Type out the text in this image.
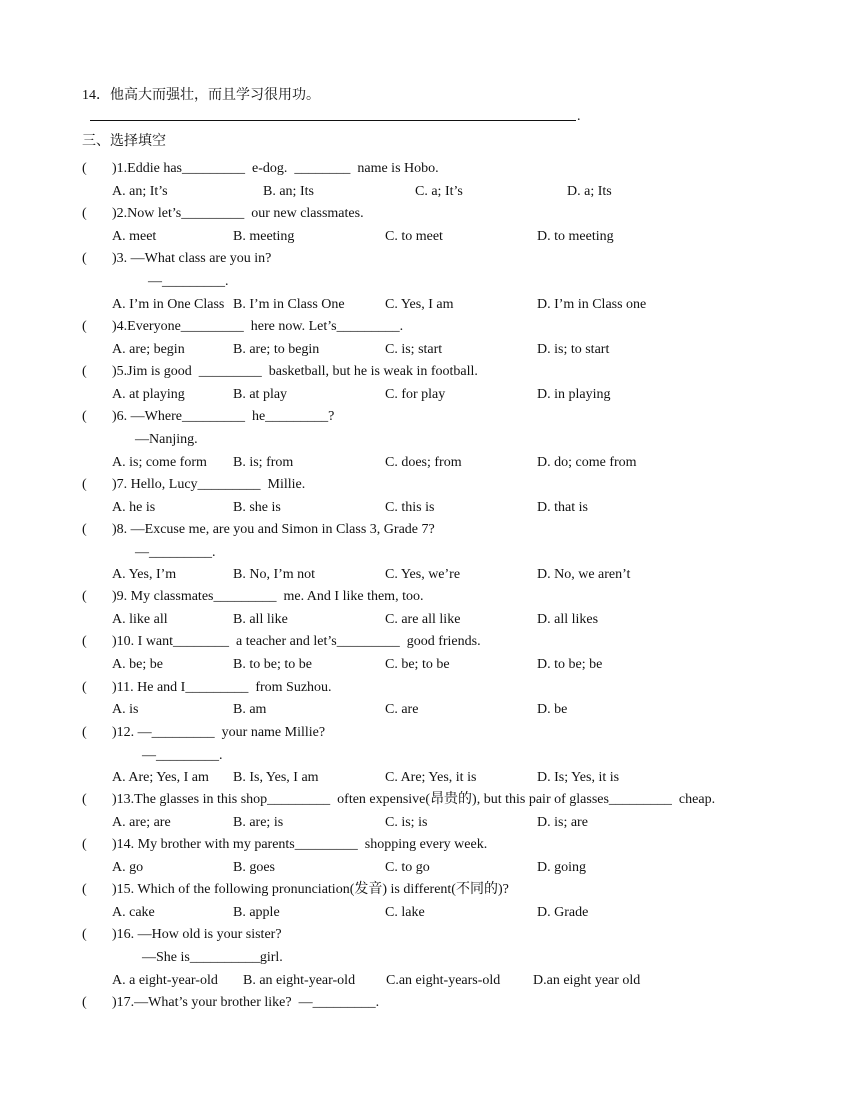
14．他高大而强壮，而且学习很用功。
.
三、选择填空
( )1.Eddie has_________  e-dog.  ________  name is Hobo.
A. an; It’s	B. an; Its	C. a; It’s	D. a; Its
( )2.Now let’s_________  our new classmates.
A. meet	B. meeting	C. to meet	D. to meeting
( )3. —What class are you in?
—_________.
A. I’m in One Class B. I’m in Class One	C. Yes, I am	D. I’m in Class one
( )4.Everyone_________  here now. Let’s_________.
A. are; begin	B. are; to begin	C. is; start	D. is; to start
( )5.Jim is good  _________  basketball, but he is weak in football.
A. at playing	B. at play	C. for play	D. in playing
( )6. —Where_________  he_________?
—Nanjing.
A. is; come form B. is; from	C. does; from	D. do; come from
( )7. Hello, Lucy_________  Millie.
A. he is	B. she is	C. this is	D. that is
( )8. —Excuse me, are you and Simon in Class 3, Grade 7?
—_________.
A. Yes, I’m	B. No, I’m not	C. Yes, we’re	D. No, we aren’t
( )9. My classmates_________  me. And I like them, too.
A. like all	B. all like	C. are all like	D. all likes
( )10. I want________  a teacher and let’s_________  good friends.
A. be; be	B. to be; to be	C. be; to be	D. to be; be
( )11. He and I_________  from Suzhou.
A. is	B. am	C. are	D. be
( )12. —_________  your name Millie?
—_________.
A. Are; Yes, I am B. Is, Yes, I am	C. Are; Yes, it is	D. Is; Yes, it is
( )13.The glasses in this shop_________  often expensive(昂贵的), but this pair of glasses_________  cheap.
A. are; are	B. are; is	C. is; is	D. is; are
( )14. My brother with my parents_________  shopping every week.
A. go	B. goes	C. to go	D. going
( )15. Which of the following pronunciation(发音) is different(不同的)?
A. cake	B. apple	C. lake	D. Grade
( )16. —How old is your sister?
—She is__________girl.
A. a eight-year-old B. an eight-year-old C.an eight-years-old D.an eight year old
( )17.—What’s your brother like?  —_________.
